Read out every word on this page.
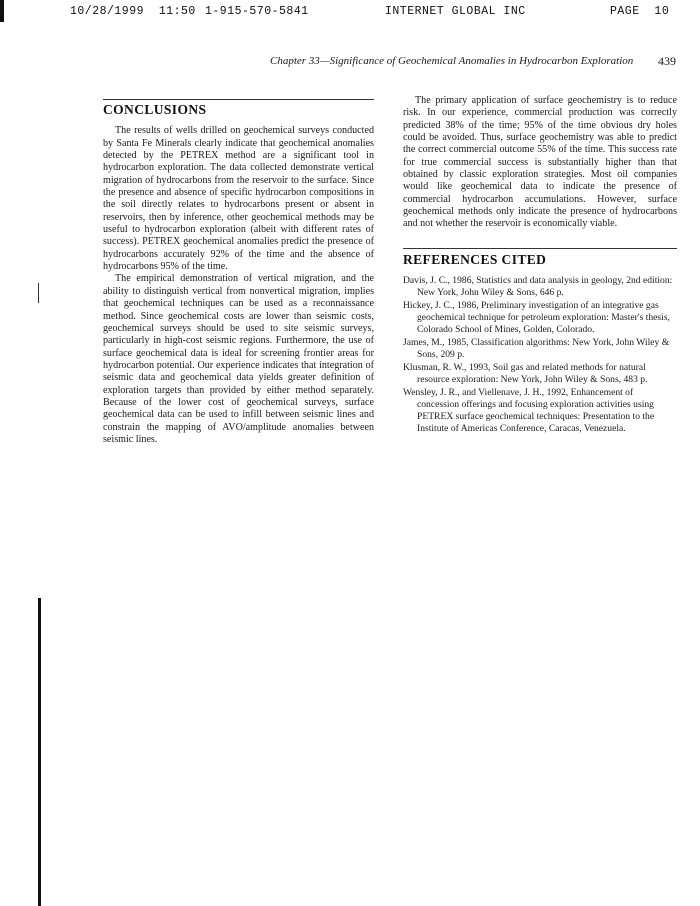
10/28/1999 11:50 1-915-570-5841	INTERNET GLOBAL INC	PAGE 10
Chapter 33—Significance of Geochemical Anomalies in Hydrocarbon Exploration 439
CONCLUSIONS

The results of wells drilled on geochemical surveys conducted by Santa Fe Minerals clearly indicate that geochemical anomalies detected by the PETREX method are a significant tool in hydrocarbon exploration. The data collected demonstrate vertical migration of hydrocarbons from the reservoir to the surface. Since the presence and absence of specific hydrocarbon compositions in the soil directly relates to hydrocarbons present or absent in reservoirs, then by inference, other geochemical methods may be useful to hydrocarbon exploration (albeit with different rates of success). PETREX geochemical anomalies predict the presence of hydrocarbons accurately 92% of the time and the absence of hydrocarbons 95% of the time.

The empirical demonstration of vertical migration, and the ability to distinguish vertical from nonvertical migration, implies that geochemical techniques can be used as a reconnaissance method. Since geochemical costs are lower than seismic costs, geochemical surveys should be used to site seismic surveys, particularly in high-cost seismic regions. Furthermore, the use of surface geochemical data is ideal for screening frontier areas for hydrocarbon potential. Our experience indicates that integration of seismic data and geochemical data yields greater definition of exploration targets than provided by either method separately. Because of the lower cost of geochemical surveys, surface geochemical data can be used to infill between seismic lines and constrain the mapping of AVO/amplitude anomalies between seismic lines.

The primary application of surface geochemistry is to reduce risk. In our experience, commercial production was correctly predicted 38% of the time; 95% of the time obvious dry holes could be avoided. Thus, surface geochemistry was able to predict the correct commercial outcome 55% of the time. This success rate for true commercial success is substantially higher than that obtained by classic exploration strategies. Most oil companies would like geochemical data to indicate the presence of commercial hydrocarbon accumulations. However, surface geochemical methods only indicate the presence of hydrocarbons and not whether the reservoir is economically viable.

REFERENCES CITED

Davis, J. C., 1986, Statistics and data analysis in geology, 2nd edition: New York, John Wiley & Sons, 646 p.

Hickey, J. C., 1986, Preliminary investigation of an integrative gas geochemical technique for petroleum exploration: Master's thesis, Colorado School of Mines, Golden, Colorado.

James, M., 1985, Classification algorithms: New York, John Wiley & Sons, 209 p.

Klusman, R. W., 1993, Soil gas and related methods for natural resource exploration: New York, John Wiley & Sons, 483 p.

Wensley, J. R., and Viellenave, J. H., 1992, Enhancement of concession offerings and focusing exploration activities using PETREX surface geochemical techniques: Presentation to the Institute of Americas Conference, Caracas, Venezuela.
